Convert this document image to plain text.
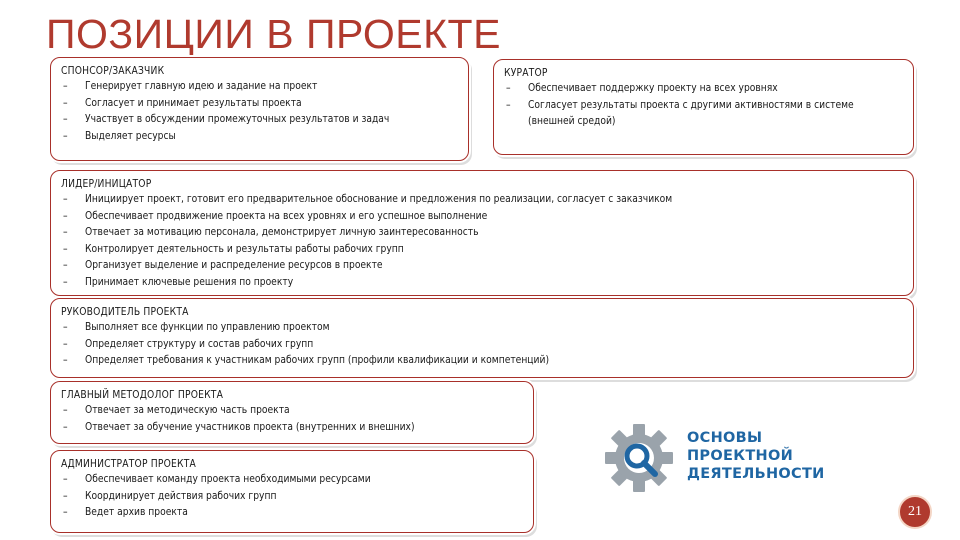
ПОЗИЦИИ В ПРОЕКТЕ
СПОНСОР/ЗАКАЗЧИК
– Генерирует главную идею и задание на проект
– Согласует и принимает результаты проекта
– Участвует в обсуждении промежуточных результатов и задач
– Выделяет ресурсы
КУРАТОР
– Обеспечивает поддержку проекту на всех уровнях
– Согласует результаты проекта с другими активностями в системе (внешней средой)
ЛИДЕР/ИНИЦАТОР
– Инициирует проект, готовит его предварительное обоснование и предложения по реализации, согласует с заказчиком
– Обеспечивает продвижение проекта на всех уровнях и его успешное выполнение
– Отвечает за мотивацию персонала, демонстрирует личную заинтересованность
– Контролирует деятельность и результаты работы рабочих групп
– Организует выделение и распределение ресурсов в проекте
– Принимает ключевые решения по проекту
РУКОВОДИТЕЛЬ ПРОЕКТА
– Выполняет все функции по управлению проектом
– Определяет структуру и состав рабочих групп
– Определяет требования к участникам рабочих групп (профили квалификации и компетенций)
ГЛАВНЫЙ МЕТОДОЛОГ ПРОЕКТА
– Отвечает за методическую часть проекта
– Отвечает за обучение участников проекта (внутренних и внешних)
АДМИНИСТРАТОР ПРОЕКТА
– Обеспечивает команду проекта необходимыми ресурсами
– Координирует действия рабочих групп
– Ведет архив проекта
ОСНОВЫ
ПРОЕКТНОЙ
ДЕЯТЕЛЬНОСТИ
21
